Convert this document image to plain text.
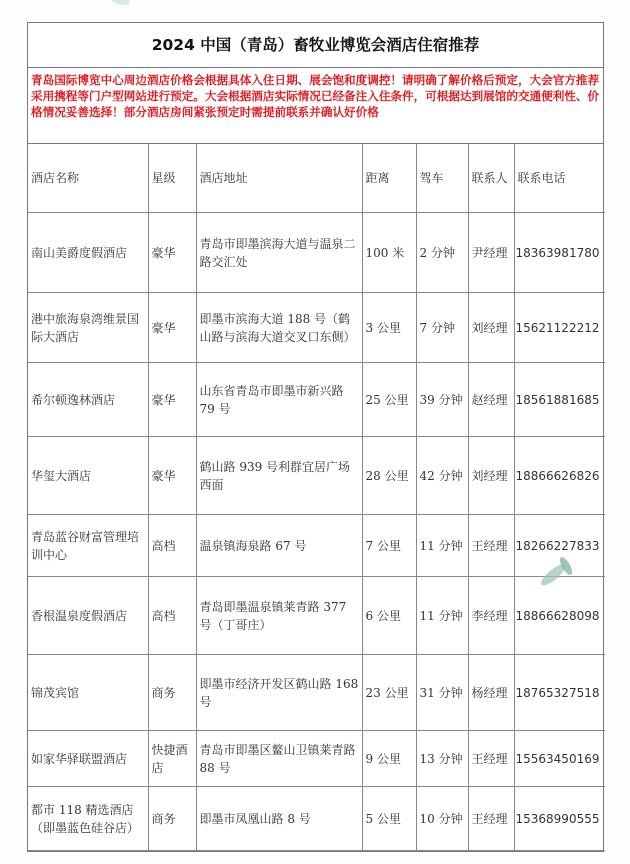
2024 中国（青岛）畜牧业博览会酒店住宿推荐
青岛国际博览中心周边酒店价格会根据具体入住日期、展会饱和度调控！请明确了解价格后预定，大会官方推荐采用携程等门户型网站进行预定。大会根据酒店实际情况已经备注入住条件，可根据达到展馆的交通便利性、价格情况妥善选择！部分酒店房间紧张预定时需提前联系并确认好价格
酒店名称	星级	酒店地址	距离	驾车	联系人	联系电话
南山美爵度假酒店	豪华	青岛市即墨滨海大道与温泉二路交汇处	100 米	2 分钟	尹经理	18363981780
港中旅海泉湾维景国际大酒店	豪华	即墨市滨海大道 188 号（鹤山路与滨海大道交叉口东侧）	3 公里	7 分钟	刘经理	15621122212
希尔顿逸林酒店	豪华	山东省青岛市即墨市新兴路 79 号	25 公里	39 分钟	赵经理	18561881685
华玺大酒店	豪华	鹤山路 939 号利群宜居广场西面	28 公里	42 分钟	刘经理	18866626826
青岛蓝谷财富管理培训中心	高档	温泉镇海泉路 67 号	7 公里	11 分钟	王经理	18266227833
香根温泉度假酒店	高档	青岛即墨温泉镇莱青路 377 号（丁哥庄）	6 公里	11 分钟	李经理	18866628098
锦茂宾馆	商务	即墨市经济开发区鹤山路 168 号	23 公里	31 分钟	杨经理	18765327518
如家华驿联盟酒店	快捷酒店	青岛市即墨区鳌山卫镇莱青路 88 号	9 公里	13 分钟	王经理	15563450169
都市 118 精选酒店（即墨蓝色硅谷店）	商务	即墨市凤凰山路 8 号	5 公里	10 分钟	王经理	15368990555
